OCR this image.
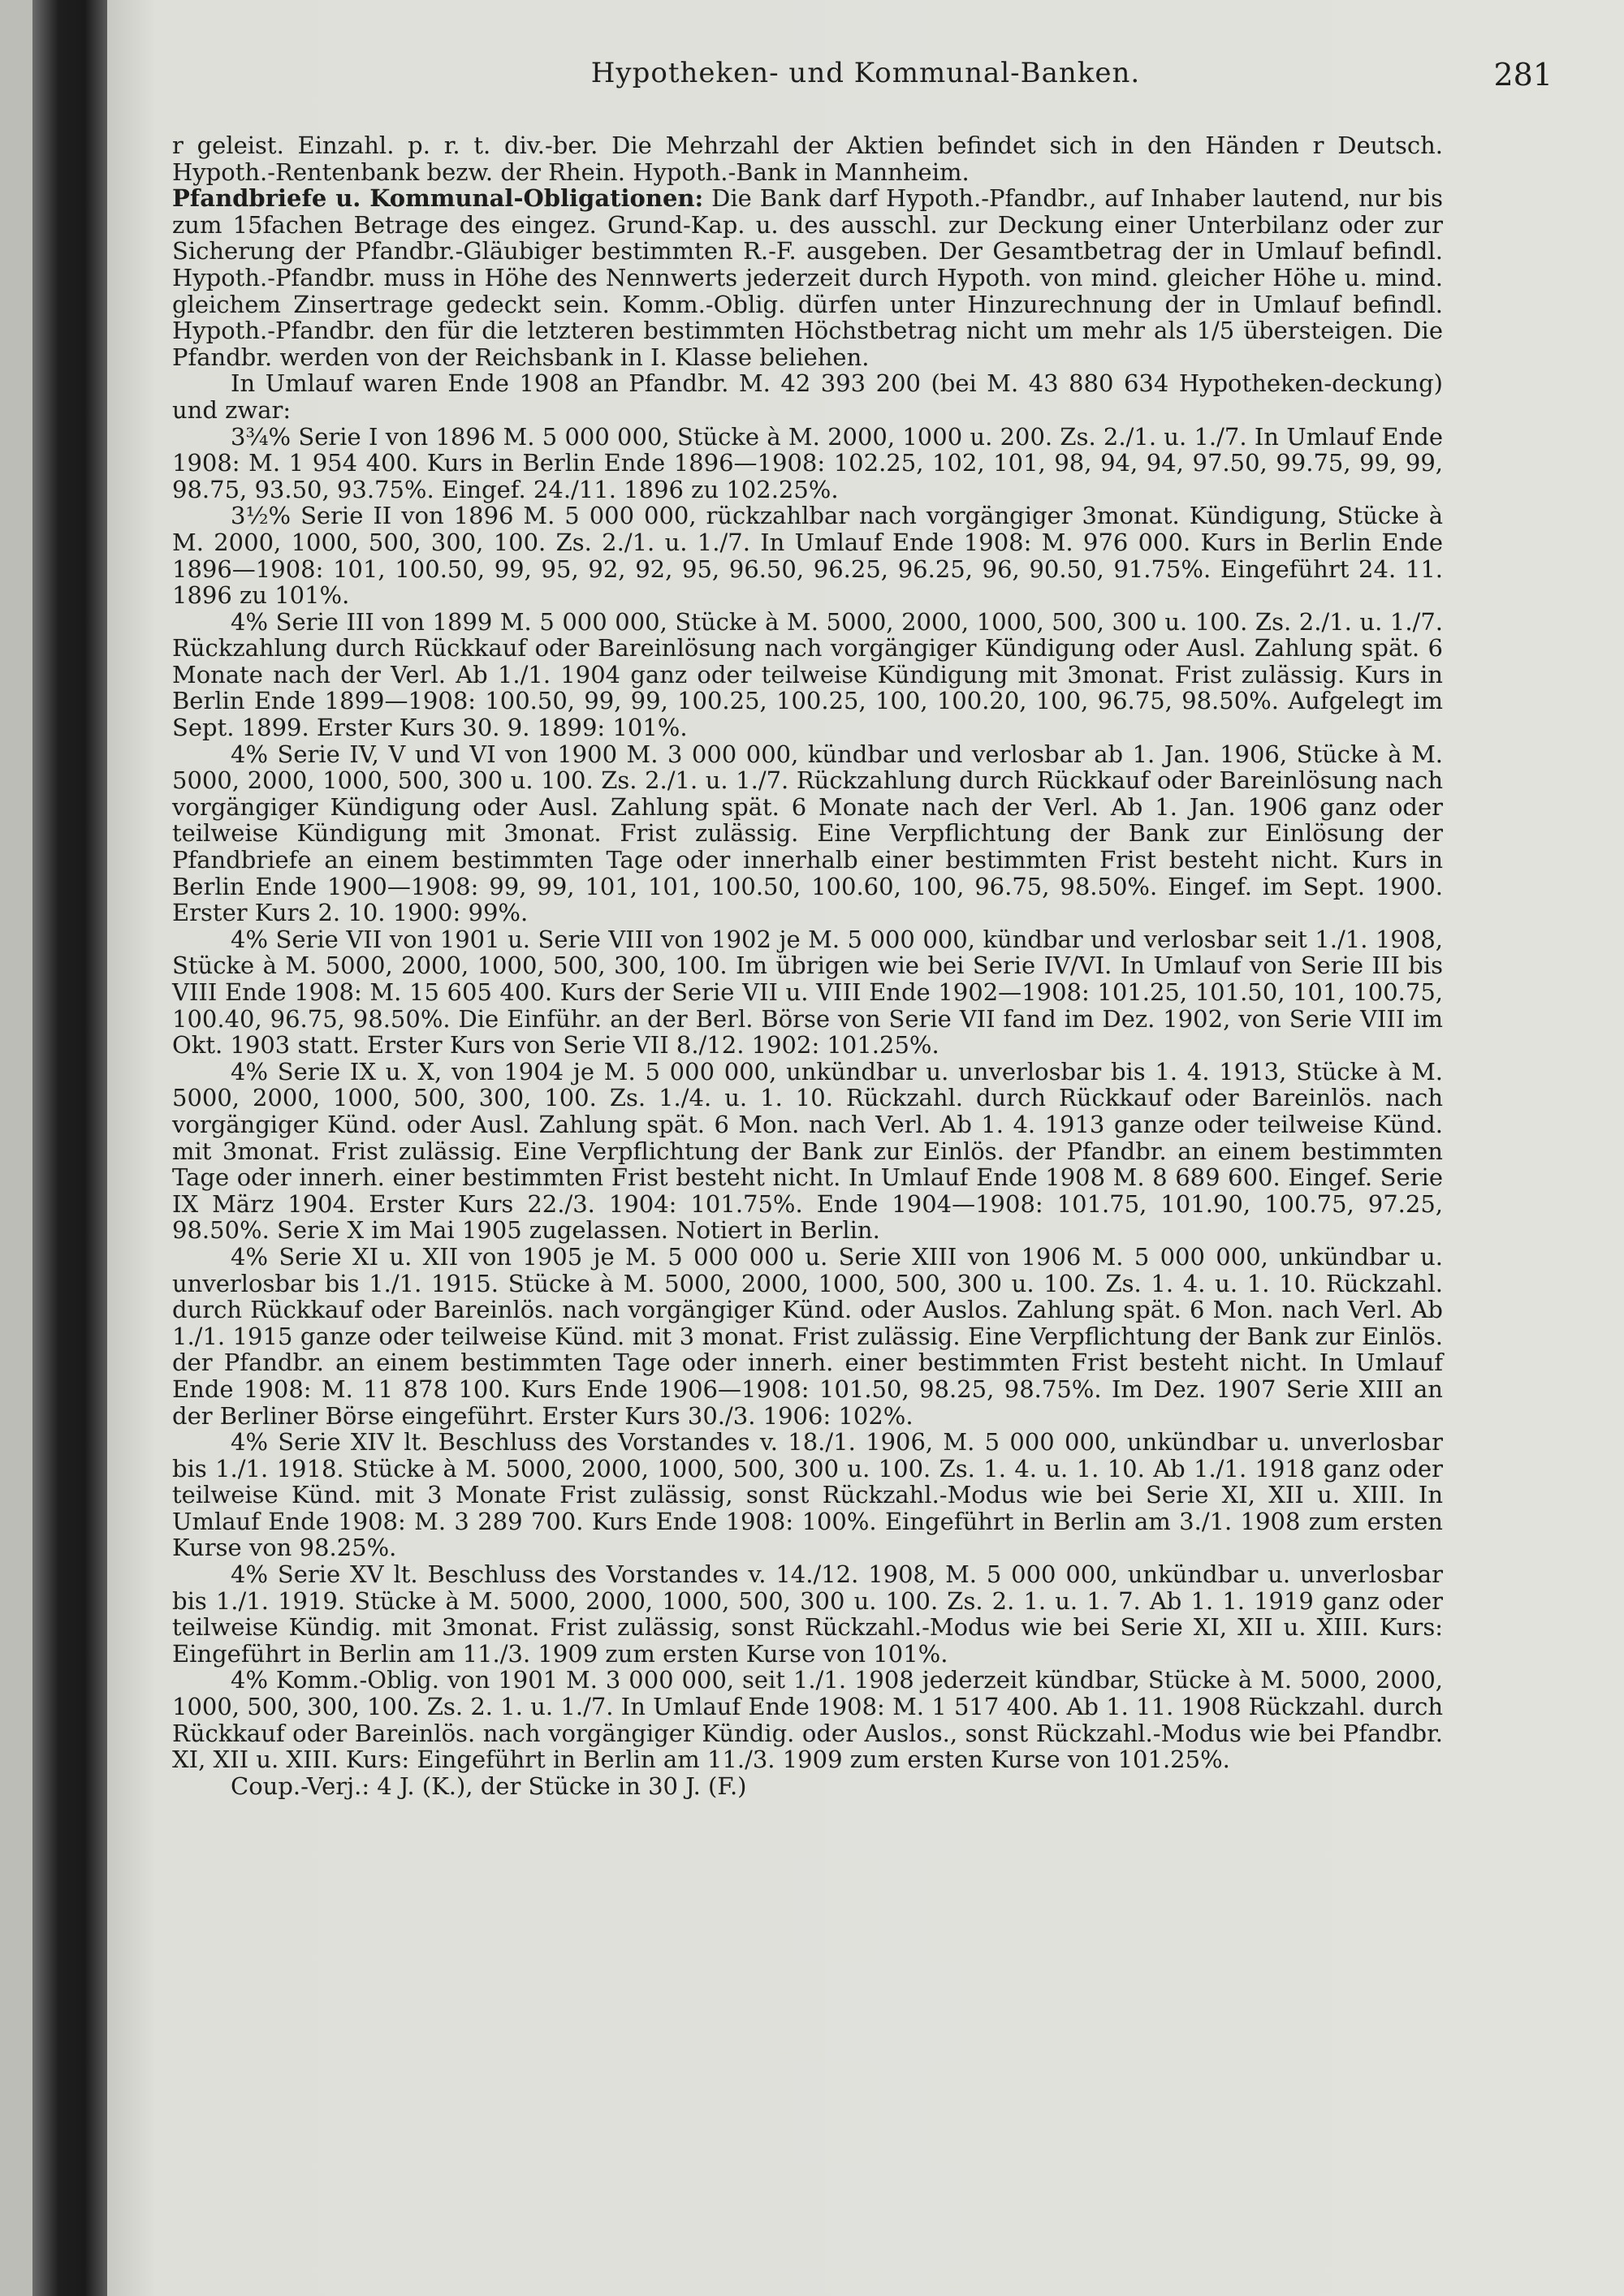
Hypotheken- und Kommunal-Banken.	281

r geleist. Einzahl. p. r. t. div.-ber. Die Mehrzahl der Aktien befindet sich in den Händen r Deutsch. Hypoth.-Rentenbank bezw. der Rhein. Hypoth.-Bank in Mannheim.

Pfandbriefe u. Kommunal-Obligationen: Die Bank darf Hypoth.-Pfandbr., auf Inhaber lautend, nur bis zum 15fachen Betrage des eingez. Grund-Kap. u. des ausschl. zur Deckung einer Unterbilanz oder zur Sicherung der Pfandbr.-Gläubiger bestimmten R.-F. ausgeben. Der Gesamtbetrag der in Umlauf befindl. Hypoth.-Pfandbr. muss in Höhe des Nennwerts jederzeit durch Hypoth. von mind. gleicher Höhe u. mind. gleichem Zinsertrage gedeckt sein. Komm.-Oblig. dürfen unter Hinzurechnung der in Umlauf befindl. Hypoth.-Pfandbr. den für die letzteren bestimmten Höchstbetrag nicht um mehr als 1/5 übersteigen. Die Pfandbr. werden von der Reichsbank in I. Klasse beliehen.

In Umlauf waren Ende 1908 an Pfandbr. M. 42 393 200 (bei M. 43 880 634 Hypotheken-deckung) und zwar:

3¾% Serie I von 1896 M. 5 000 000, Stücke à M. 2000, 1000 u. 200. Zs. 2./1. u. 1./7. In Umlauf Ende 1908: M. 1 954 400. Kurs in Berlin Ende 1896—1908: 102.25, 102, 101, 98, 94, 94, 97.50, 99.75, 99, 99, 98.75, 93.50, 93.75%. Eingef. 24./11. 1896 zu 102.25%.

3½% Serie II von 1896 M. 5 000 000, rückzahlbar nach vorgängiger 3monat. Kündigung, Stücke à M. 2000, 1000, 500, 300, 100. Zs. 2./1. u. 1./7. In Umlauf Ende 1908: M. 976 000. Kurs in Berlin Ende 1896—1908: 101, 100.50, 99, 95, 92, 92, 95, 96.50, 96.25, 96.25, 96, 90.50, 91.75%. Eingeführt 24. 11. 1896 zu 101%.

4% Serie III von 1899 M. 5 000 000, Stücke à M. 5000, 2000, 1000, 500, 300 u. 100. Zs. 2./1. u. 1./7. Rückzahlung durch Rückkauf oder Bareinlösung nach vorgängiger Kündigung oder Ausl. Zahlung spät. 6 Monate nach der Verl. Ab 1./1. 1904 ganz oder teilweise Kündigung mit 3monat. Frist zulässig. Kurs in Berlin Ende 1899—1908: 100.50, 99, 99, 100.25, 100.25, 100, 100.20, 100, 96.75, 98.50%. Aufgelegt im Sept. 1899. Erster Kurs 30. 9. 1899: 101%.

4% Serie IV, V und VI von 1900 M. 3 000 000, kündbar und verlosbar ab 1. Jan. 1906, Stücke à M. 5000, 2000, 1000, 500, 300 u. 100. Zs. 2./1. u. 1./7. Rückzahlung durch Rückkauf oder Bareinlösung nach vorgängiger Kündigung oder Ausl. Zahlung spät. 6 Monate nach der Verl. Ab 1. Jan. 1906 ganz oder teilweise Kündigung mit 3monat. Frist zulässig. Eine Verpflichtung der Bank zur Einlösung der Pfandbriefe an einem bestimmten Tage oder innerhalb einer bestimmten Frist besteht nicht. Kurs in Berlin Ende 1900—1908: 99, 99, 101, 101, 100.50, 100.60, 100, 96.75, 98.50%. Eingef. im Sept. 1900. Erster Kurs 2. 10. 1900: 99%.

4% Serie VII von 1901 u. Serie VIII von 1902 je M. 5 000 000, kündbar und verlosbar seit 1./1. 1908, Stücke à M. 5000, 2000, 1000, 500, 300, 100. Im übrigen wie bei Serie IV/VI. In Umlauf von Serie III bis VIII Ende 1908: M. 15 605 400. Kurs der Serie VII u. VIII Ende 1902—1908: 101.25, 101.50, 101, 100.75, 100.40, 96.75, 98.50%. Die Einführ. an der Berl. Börse von Serie VII fand im Dez. 1902, von Serie VIII im Okt. 1903 statt. Erster Kurs von Serie VII 8./12. 1902: 101.25%.

4% Serie IX u. X, von 1904 je M. 5 000 000, unkündbar u. unverlosbar bis 1. 4. 1913, Stücke à M. 5000, 2000, 1000, 500, 300, 100. Zs. 1./4. u. 1. 10. Rückzahl. durch Rückkauf oder Bareinlös. nach vorgängiger Künd. oder Ausl. Zahlung spät. 6 Mon. nach Verl. Ab 1. 4. 1913 ganze oder teilweise Künd. mit 3monat. Frist zulässig. Eine Verpflichtung der Bank zur Einlös. der Pfandbr. an einem bestimmten Tage oder innerh. einer bestimmten Frist besteht nicht. In Umlauf Ende 1908 M. 8 689 600. Eingef. Serie IX März 1904. Erster Kurs 22./3. 1904: 101.75%. Ende 1904—1908: 101.75, 101.90, 100.75, 97.25, 98.50%. Serie X im Mai 1905 zugelassen. Notiert in Berlin.

4% Serie XI u. XII von 1905 je M. 5 000 000 u. Serie XIII von 1906 M. 5 000 000, unkündbar u. unverlosbar bis 1./1. 1915. Stücke à M. 5000, 2000, 1000, 500, 300 u. 100. Zs. 1. 4. u. 1. 10. Rückzahl. durch Rückkauf oder Bareinlös. nach vorgängiger Künd. oder Auslos. Zahlung spät. 6 Mon. nach Verl. Ab 1./1. 1915 ganze oder teilweise Künd. mit 3 monat. Frist zulässig. Eine Verpflichtung der Bank zur Einlös. der Pfandbr. an einem bestimmten Tage oder innerh. einer bestimmten Frist besteht nicht. In Umlauf Ende 1908: M. 11 878 100. Kurs Ende 1906—1908: 101.50, 98.25, 98.75%. Im Dez. 1907 Serie XIII an der Berliner Börse eingeführt. Erster Kurs 30./3. 1906: 102%.

4% Serie XIV lt. Beschluss des Vorstandes v. 18./1. 1906, M. 5 000 000, unkündbar u. unverlosbar bis 1./1. 1918. Stücke à M. 5000, 2000, 1000, 500, 300 u. 100. Zs. 1. 4. u. 1. 10. Ab 1./1. 1918 ganz oder teilweise Künd. mit 3 Monate Frist zulässig, sonst Rückzahl.-Modus wie bei Serie XI, XII u. XIII. In Umlauf Ende 1908: M. 3 289 700. Kurs Ende 1908: 100%. Eingeführt in Berlin am 3./1. 1908 zum ersten Kurse von 98.25%.

4% Serie XV lt. Beschluss des Vorstandes v. 14./12. 1908, M. 5 000 000, unkündbar u. unverlosbar bis 1./1. 1919. Stücke à M. 5000, 2000, 1000, 500, 300 u. 100. Zs. 2. 1. u. 1. 7. Ab 1. 1. 1919 ganz oder teilweise Kündig. mit 3monat. Frist zulässig, sonst Rückzahl.-Modus wie bei Serie XI, XII u. XIII. Kurs: Eingeführt in Berlin am 11./3. 1909 zum ersten Kurse von 101%.

4% Komm.-Oblig. von 1901 M. 3 000 000, seit 1./1. 1908 jederzeit kündbar, Stücke à M. 5000, 2000, 1000, 500, 300, 100. Zs. 2. 1. u. 1./7. In Umlauf Ende 1908: M. 1 517 400. Ab 1. 11. 1908 Rückzahl. durch Rückkauf oder Bareinlös. nach vorgängiger Kündig. oder Auslos., sonst Rückzahl.-Modus wie bei Pfandbr. XI, XII u. XIII. Kurs: Eingeführt in Berlin am 11./3. 1909 zum ersten Kurse von 101.25%.

Coup.-Verj.: 4 J. (K.), der Stücke in 30 J. (F.)
